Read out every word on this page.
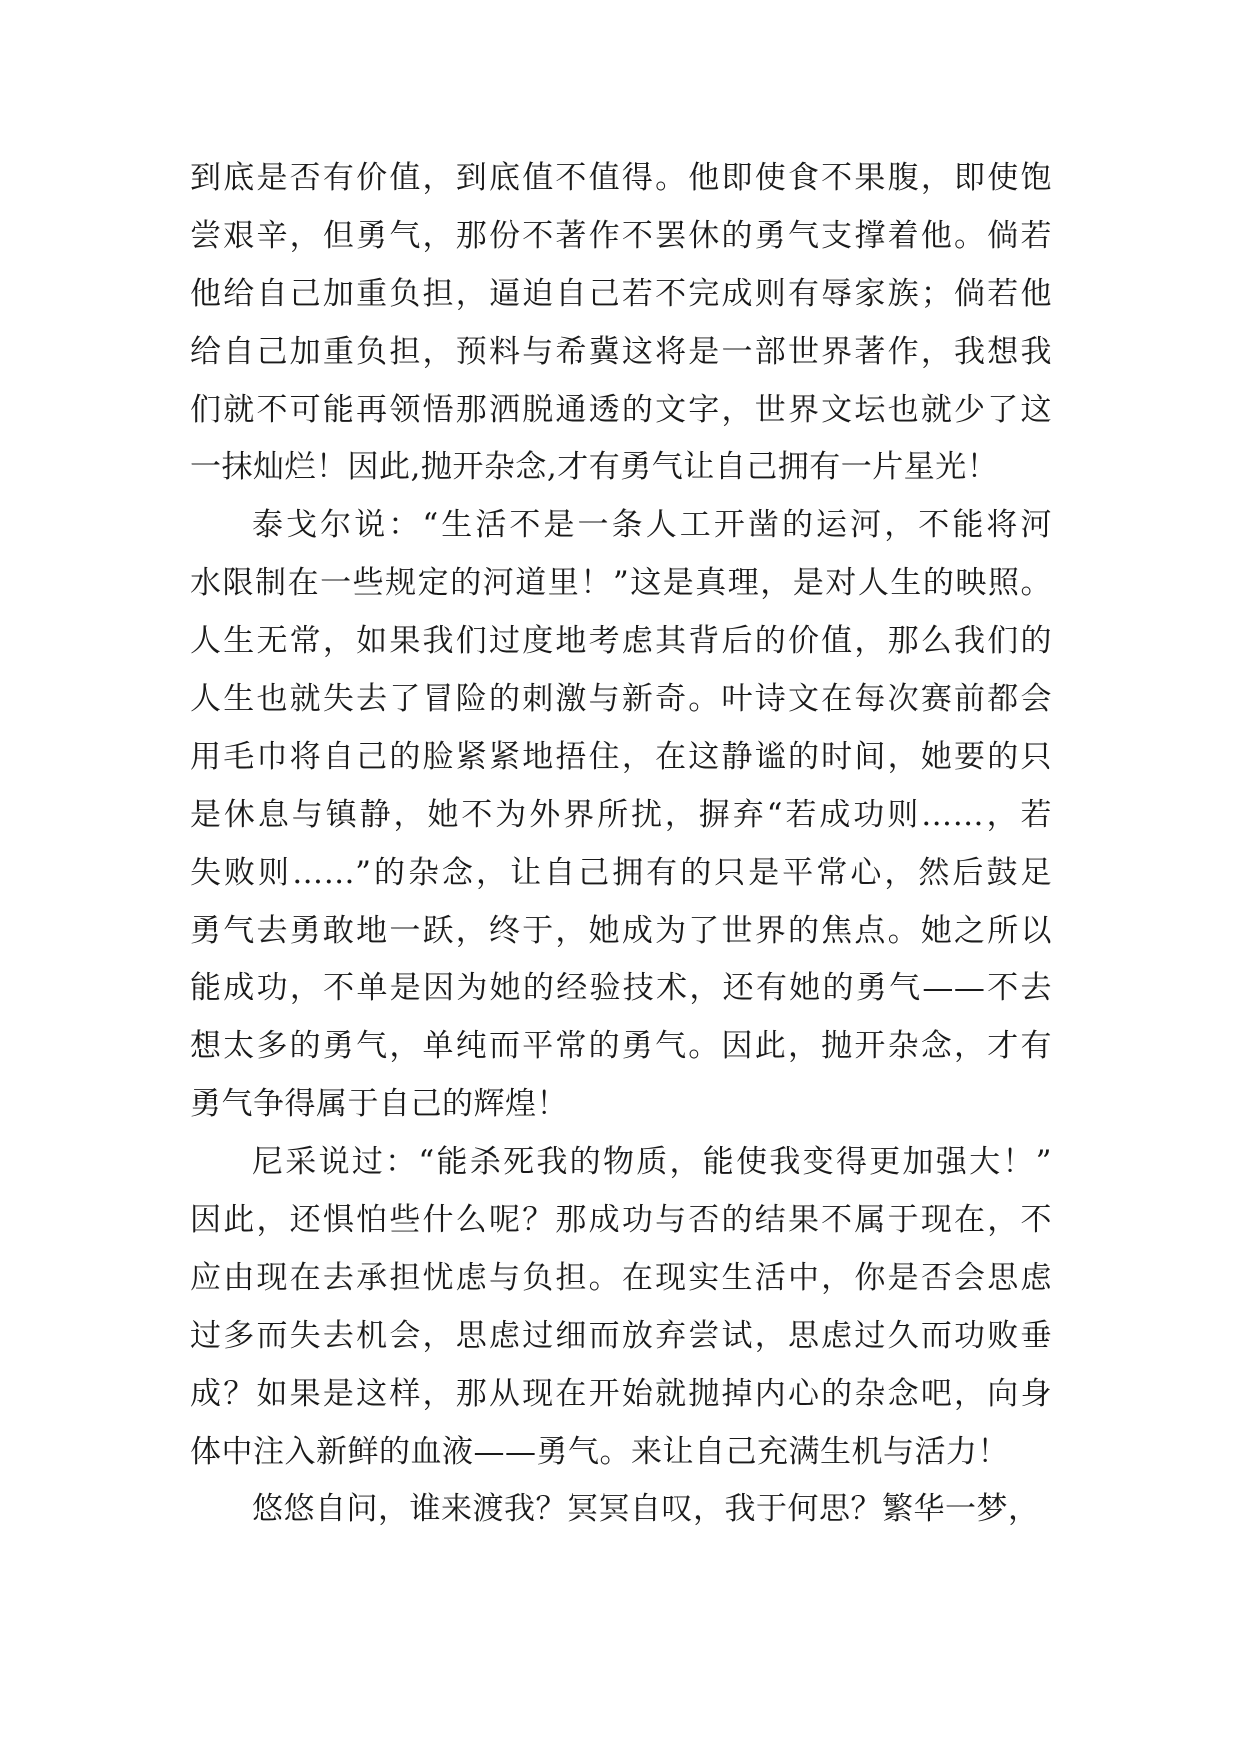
到底是否有价值，到底值不值得。他即使食不果腹，即使饱
尝艰辛，但勇气，那份不著作不罢休的勇气支撑着他。倘若
他给自己加重负担，逼迫自己若不完成则有辱家族；倘若他
给自己加重负担，预料与希冀这将是一部世界著作，我想我
们就不可能再领悟那洒脱通透的文字，世界文坛也就少了这
一抹灿烂！因此,抛开杂念,才有勇气让自己拥有一片星光！
泰戈尔说：“生活不是一条人工开凿的运河，不能将河
水限制在一些规定的河道里！”这是真理，是对人生的映照。
人生无常，如果我们过度地考虑其背后的价值，那么我们的
人生也就失去了冒险的刺激与新奇。叶诗文在每次赛前都会
用毛巾将自己的脸紧紧地捂住，在这静谧的时间，她要的只
是休息与镇静，她不为外界所扰，摒弃“若成功则……，若
失败则……”的杂念，让自己拥有的只是平常心，然后鼓足
勇气去勇敢地一跃，终于，她成为了世界的焦点。她之所以
能成功，不单是因为她的经验技术，还有她的勇气——不去
想太多的勇气，单纯而平常的勇气。因此，抛开杂念，才有
勇气争得属于自己的辉煌！
尼采说过：“能杀死我的物质，能使我变得更加强大！”
因此，还惧怕些什么呢？那成功与否的结果不属于现在，不
应由现在去承担忧虑与负担。在现实生活中，你是否会思虑
过多而失去机会，思虑过细而放弃尝试，思虑过久而功败垂
成？如果是这样，那从现在开始就抛掉内心的杂念吧，向身
体中注入新鲜的血液——勇气。来让自己充满生机与活力！
悠悠自问，谁来渡我？冥冥自叹，我于何思？繁华一梦，
